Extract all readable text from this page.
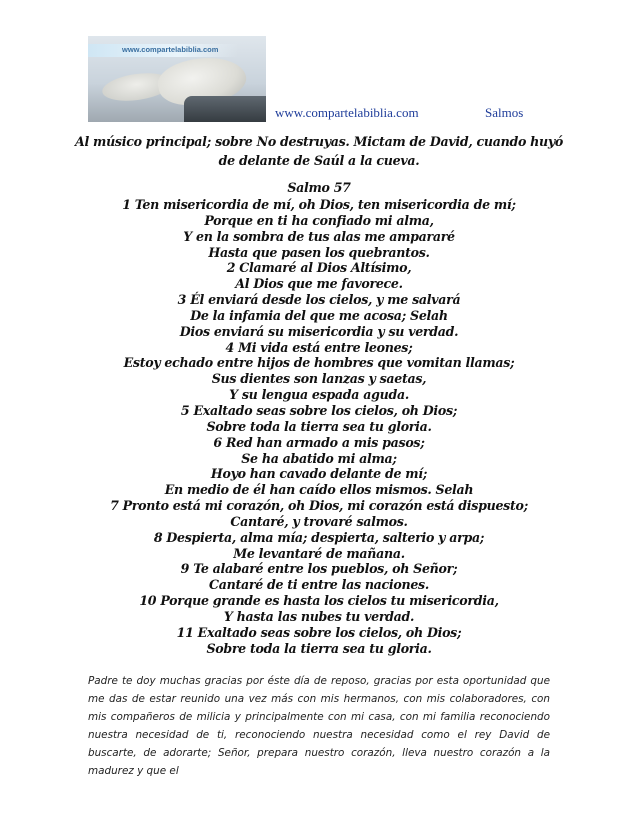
www.compartelabiblia.com
www.compartelabiblia.com	Salmos

Al músico principal; sobre No destruyas. Mictam de David, cuando huyó
de delante de Saúl a la cueva.

Salmo 57

1 Ten misericordia de mí, oh Dios, ten misericordia de mí;

Porque en ti ha confiado mi alma,

Y en la sombra de tus alas me ampararé

Hasta que pasen los quebrantos.

2 Clamaré al Dios Altísimo,

Al Dios que me favorece.

3 Él enviará desde los cielos, y me salvará

De la infamia del que me acosa; Selah

Dios enviará su misericordia y su verdad.

4 Mi vida está entre leones;

Estoy echado entre hijos de hombres que vomitan llamas;

Sus dientes son lanzas y saetas,

Y su lengua espada aguda.

5 Exaltado seas sobre los cielos, oh Dios;

Sobre toda la tierra sea tu gloria.

6 Red han armado a mis pasos;

Se ha abatido mi alma;

Hoyo han cavado delante de mí;

En medio de él han caído ellos mismos. Selah

7 Pronto está mi corazón, oh Dios, mi corazón está dispuesto;

Cantaré, y trovaré salmos.

8 Despierta, alma mía; despierta, salterio y arpa;

Me levantaré de mañana.

9 Te alabaré entre los pueblos, oh Señor;

Cantaré de ti entre las naciones.

10 Porque grande es hasta los cielos tu misericordia,

Y hasta las nubes tu verdad.

11 Exaltado seas sobre los cielos, oh Dios;

Sobre toda la tierra sea tu gloria.

Padre te doy muchas gracias por éste día de reposo, gracias por esta oportunidad que me das de estar reunido una vez más con mis hermanos, con mis colaboradores, con mis compañeros de milicia y principalmente con mi casa, con mi familia reconociendo nuestra necesidad de ti, reconociendo nuestra necesidad como el rey David de buscarte, de adorarte; Señor, prepara nuestro corazón, lleva nuestro corazón a la madurez y que el
